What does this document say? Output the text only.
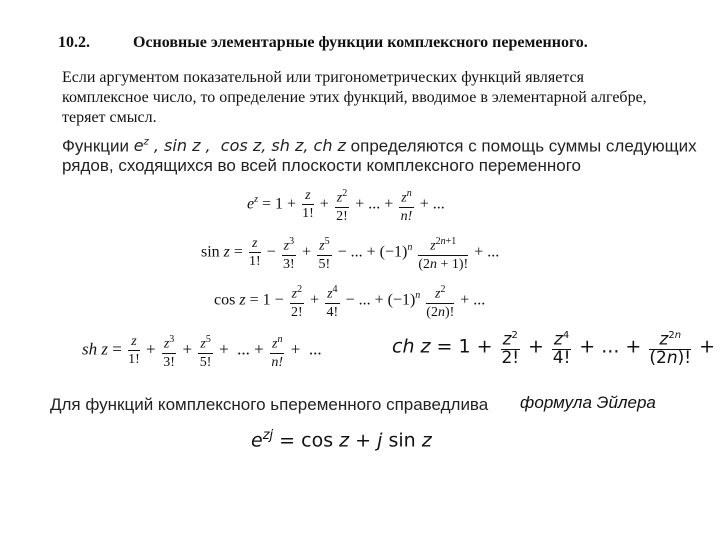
10.2.	Основные элементарные функции комплексного переменного.
Если аргументом показательной или тригонометрических функций является комплексное число, то определение этих функций, вводимое в элементарной алгебре, теряет смысл.
Функции $e^z$ , sin z ,  cos z, sh z, ch z определяются с помощь суммы следующих
рядов, сходящихся во всей плоскости комплексного переменного
$e^z = 1 + \frac{z}{1!} + \frac{z^2}{2!}$ + ... + $\frac{z^n}{n!}$ + ...
$\sin z = \frac{z}{1!} - \frac{z^3}{3!} + \frac{z^5}{5!}$ − ... + $(-1)^n \frac{z^{2n+1}}{(2n + 1)!}$ + ...
$\cos z = 1 - \frac{z^2}{2!} + \frac{z^4}{4!}$ − ... + $(-1)^n \frac{z^2}{(2n)!}$ + ...
sh $z = \frac{z}{1!} + \frac{z^3}{3!} + \frac{z^5}{5!}$ +  ... + $\frac{z^n}{n!}$ +  ...	ch $z = 1 + \frac{z^2}{2!} + \frac{z^4}{4!}$ + ... + $\frac{z^{2n}}{(2n)!}$ +
Для функций комплексного ьпеременного справедлива формула Эйлера
$e^{zj} = \cos z + j$ sin z
